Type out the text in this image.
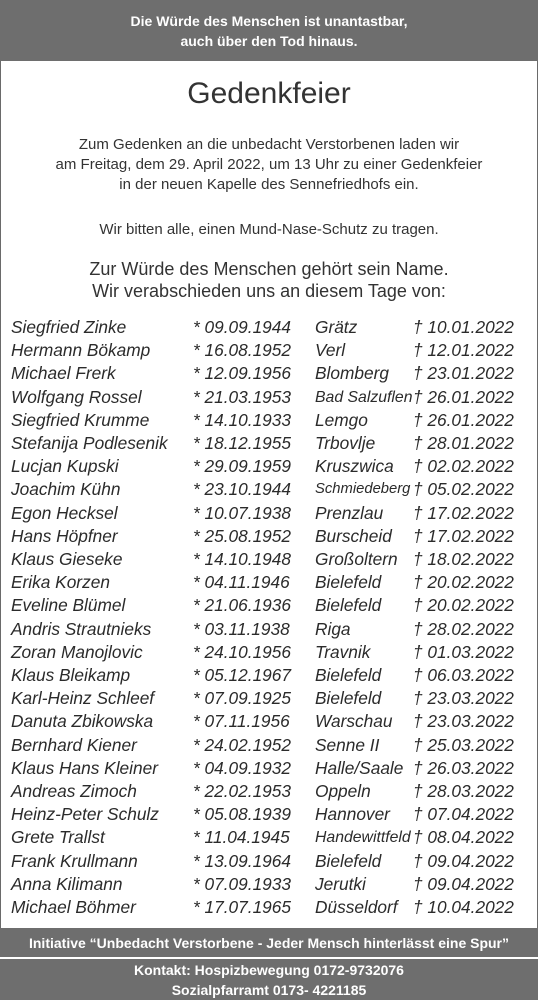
Die Würde des Menschen ist unantastbar,
auch über den Tod hinaus.
Gedenkfeier

Zum Gedenken an die unbedacht Verstorbenen laden wir

am Freitag, dem 29. April 2022, um 13 Uhr zu einer Gedenkfeier

in der neuen Kapelle des Sennefriedhofs ein.

Wir bitten alle, einen Mund-Nase-Schutz zu tragen.

Zur Würde des Menschen gehört sein Name.

Wir verabschieden uns an diesem Tage von:

Siegfried Zinke	* 09.09.1944 Grätz	† 10.01.2022
Hermann Bökamp * 16.08.1952 Verl	† 12.01.2022
Michael Frerk	* 12.09.1956 Blomberg † 23.01.2022
Wolfgang Rossel	* 21.03.1953 Bad Salzuflen † 26.01.2022
Siegfried Krumme	* 14.10.1933 Lemgo	† 26.01.2022
Stefanija Podlesenik * 18.12.1955 Trbovlje † 28.01.2022
Lucjan Kupski	* 29.09.1959 Kruszwica † 02.02.2022
Joachim Kühn	* 23.10.1944 Schmiedeberg † 05.02.2022
Egon Hecksel	* 10.07.1938 Prenzlau † 17.02.2022
Hans Höpfner	* 25.08.1952 Burscheid † 17.02.2022
Klaus Gieseke	* 14.10.1948 Großoltern † 18.02.2022
Erika Korzen	* 04.11.1946 Bielefeld † 20.02.2022
Eveline Blümel	* 21.06.1936 Bielefeld † 20.02.2022
Andris Strautnieks * 03.11.1938 Riga	† 28.02.2022
Zoran Manojlovic	* 24.10.1956 Travnik † 01.03.2022
Klaus Bleikamp	* 05.12.1967 Bielefeld † 06.03.2022
Karl-Heinz Schleef * 07.09.1925 Bielefeld † 23.03.2022
Danuta Zbikowska * 07.11.1956 Warschau † 23.03.2022
Bernhard Kiener	* 24.02.1952 Senne II † 25.03.2022
Klaus Hans Kleiner * 04.09.1932 Halle/Saale † 26.03.2022
Andreas Zimoch	* 22.02.1953 Oppeln † 28.03.2022
Heinz-Peter Schulz * 05.08.1939 Hannover † 07.04.2022
Grete Trallst	* 11.04.1945 Handewittfeld † 08.04.2022
Frank Krullmann	* 13.09.1964 Bielefeld † 09.04.2022
Anna Kilimann	* 07.09.1933 Jerutki	† 09.04.2022
Michael Böhmer	* 17.07.1965 Düsseldorf † 10.04.2022
Initiative “Unbedacht Verstorbene - Jeder Mensch hinterlässt eine Spur”

Kontakt: Hospizbewegung 0172-9732076

Sozialpfarramt 0173- 4221185
